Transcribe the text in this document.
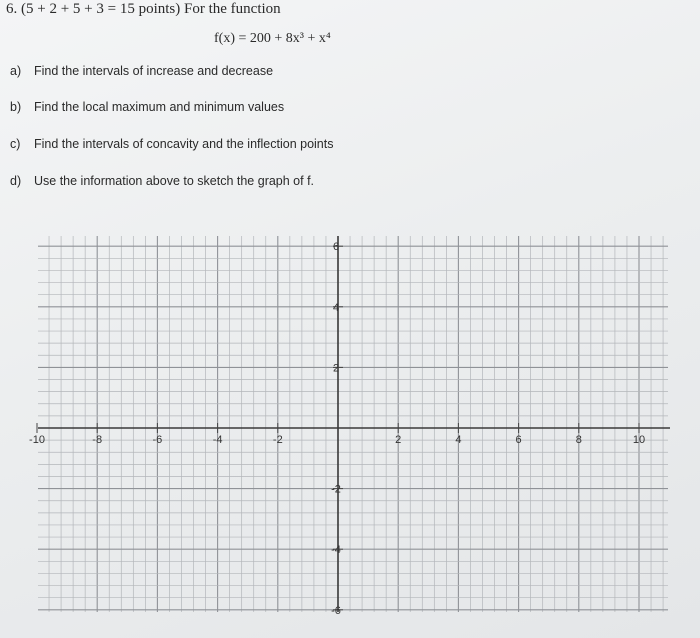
6. (5 + 2 + 5 + 3 = 15 points) For the function
f(x) = 200 + 8x³ + x⁴
a) Find the intervals of increase and decrease
b) Find the local maximum and minimum values
c) Find the intervals of concavity and the inflection points
d) Use the information above to sketch the graph of f.
-10	-8	-6	-4	-2	2	4	6	8	10
6
4
2
-2
-4
-6
